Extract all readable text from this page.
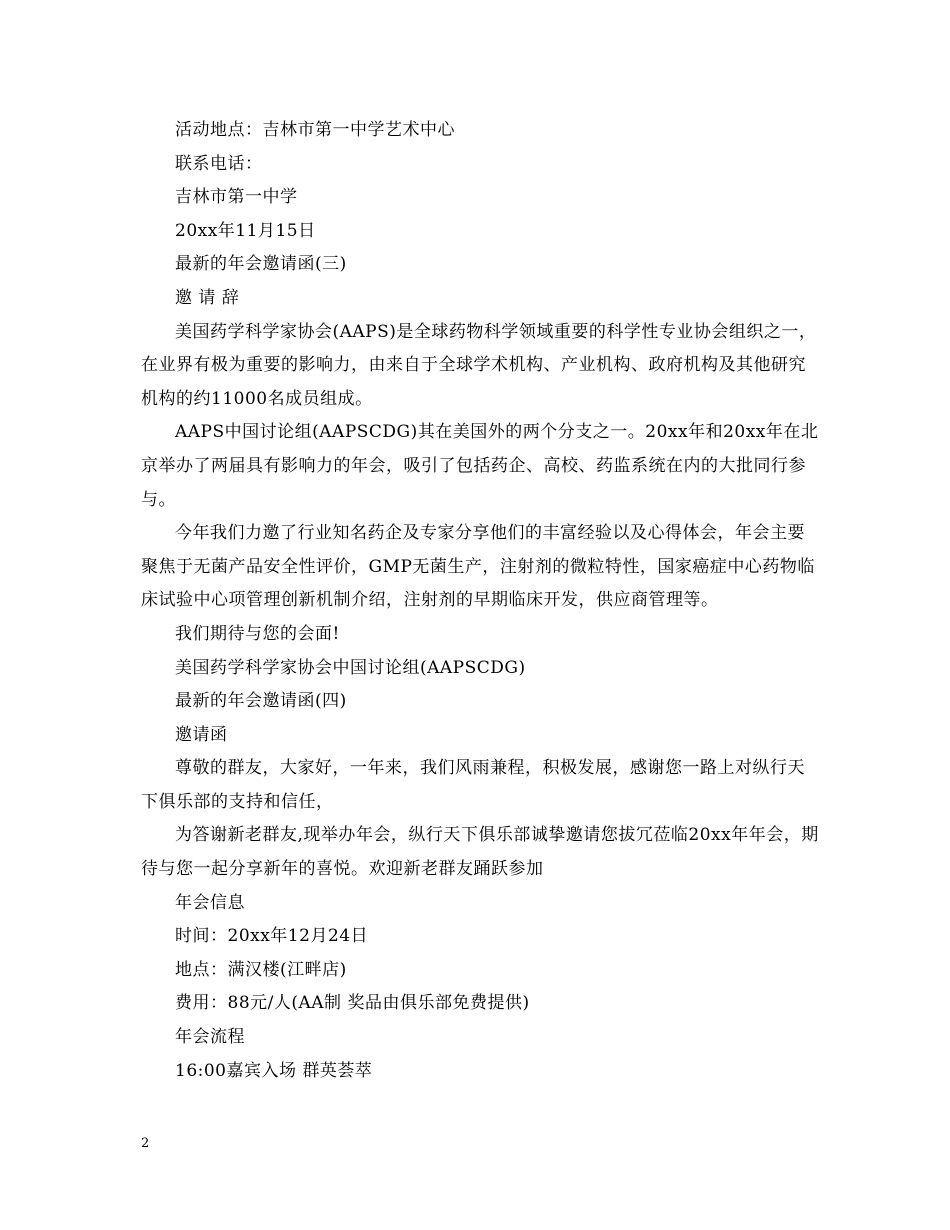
活动地点：吉林市第一中学艺术中心

联系电话：

吉林市第一中学

20xx年11月15日

最新的年会邀请函(三)

邀 请 辞

美国药学科学家协会(AAPS)是全球药物科学领域重要的科学性专业协会组织之一，在业界有极为重要的影响力，由来自于全球学术机构、产业机构、政府机构及其他研究机构的约11000名成员组成。

AAPS中国讨论组(AAPSCDG)其在美国外的两个分支之一。20xx年和20xx年在北京举办了两届具有影响力的年会，吸引了包括药企、高校、药监系统在内的大批同行参与。

今年我们力邀了行业知名药企及专家分享他们的丰富经验以及心得体会，年会主要聚焦于无菌产品安全性评价，GMP无菌生产，注射剂的微粒特性，国家癌症中心药物临床试验中心项管理创新机制介绍，注射剂的早期临床开发，供应商管理等。

我们期待与您的会面!

美国药学科学家协会中国讨论组(AAPSCDG)

最新的年会邀请函(四)

邀请函

尊敬的群友，大家好，一年来，我们风雨兼程，积极发展，感谢您一路上对纵行天下俱乐部的支持和信任，

为答谢新老群友,现举办年会，纵行天下俱乐部诚挚邀请您拔冗莅临20xx年年会，期待与您一起分享新年的喜悦。欢迎新老群友踊跃参加

年会信息

时间：20xx年12月24日

地点：满汉楼(江畔店)

费用：88元/人(AA制 奖品由俱乐部免费提供)

年会流程

16:00嘉宾入场 群英荟萃

2
